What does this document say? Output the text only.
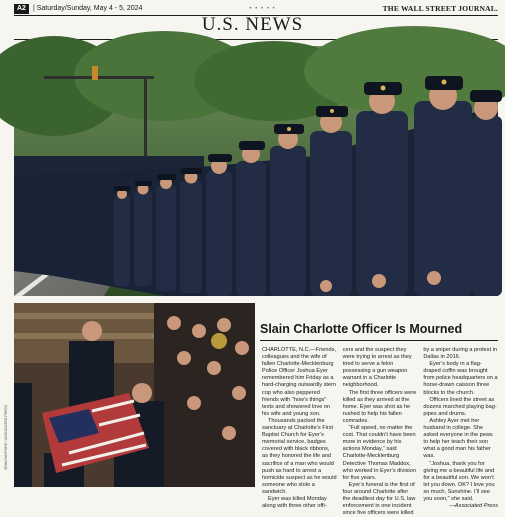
A2	| Saturday/Sunday, May 4 - 5, 2024	• • • • •	THE WALL STREET JOURNAL.
U.S. NEWS
SEAN RAYFORD / ASSOCIATED PRESS
Slain Charlotte Officer Is Mourned

CHARLOTTE, N.C.—Friends, colleagues and the wife of fallen Charlotte-Mecklenburg Police Officer Joshua Eyer remembered him Friday as a hard-charging outwardly stern cop who also peppered friends with “how’s things” texts and showered love on his wife and young son.

Thousands packed the sanctuary at Charlotte’s First Baptist Church for Eyer’s memorial service, badges covered with black ribbons, as they honored the life and sacrifice of a man who would push as hard to arrest a homicide suspect as he would someone who stole a sandwich.

Eyer was killed Monday along with three other offi-

cers and the suspect they were trying to arrest as they tried to serve a felon possessing a gun weapon warrant in a Charlotte neighborhood.

The first three officers were killed as they arrived at the home. Eyer was shot as he rushed to help his fallen comrades.

“Full speed, no matter the cost. That couldn’t have been more in evidence by his actions Monday,” said Charlotte-Mecklenburg Detective Thomas Maddox, who worked in Eyer’s division for five years.

Eyer’s funeral is the first of four around Charlotte after the deadliest day for U.S. law enforcement in one incident since five officers were killed

by a sniper during a protest in Dallas in 2016.

Eyer’s body in a flag-draped coffin was brought from police headquarters on a horse-drawn caisson three blocks to the church.

Officers lined the street as dozens marched playing bag-pipes and drums.

Ashley Ayer met her husband in college. She asked everyone in the pews to help her teach their son what a good man his father was.

“Joshua, thank you for giving me a beautiful life and for a beautiful son. We won’t let you down. OK? I love you so much, Sunshine. I’ll see you soon,” she said.

—Associated Press
